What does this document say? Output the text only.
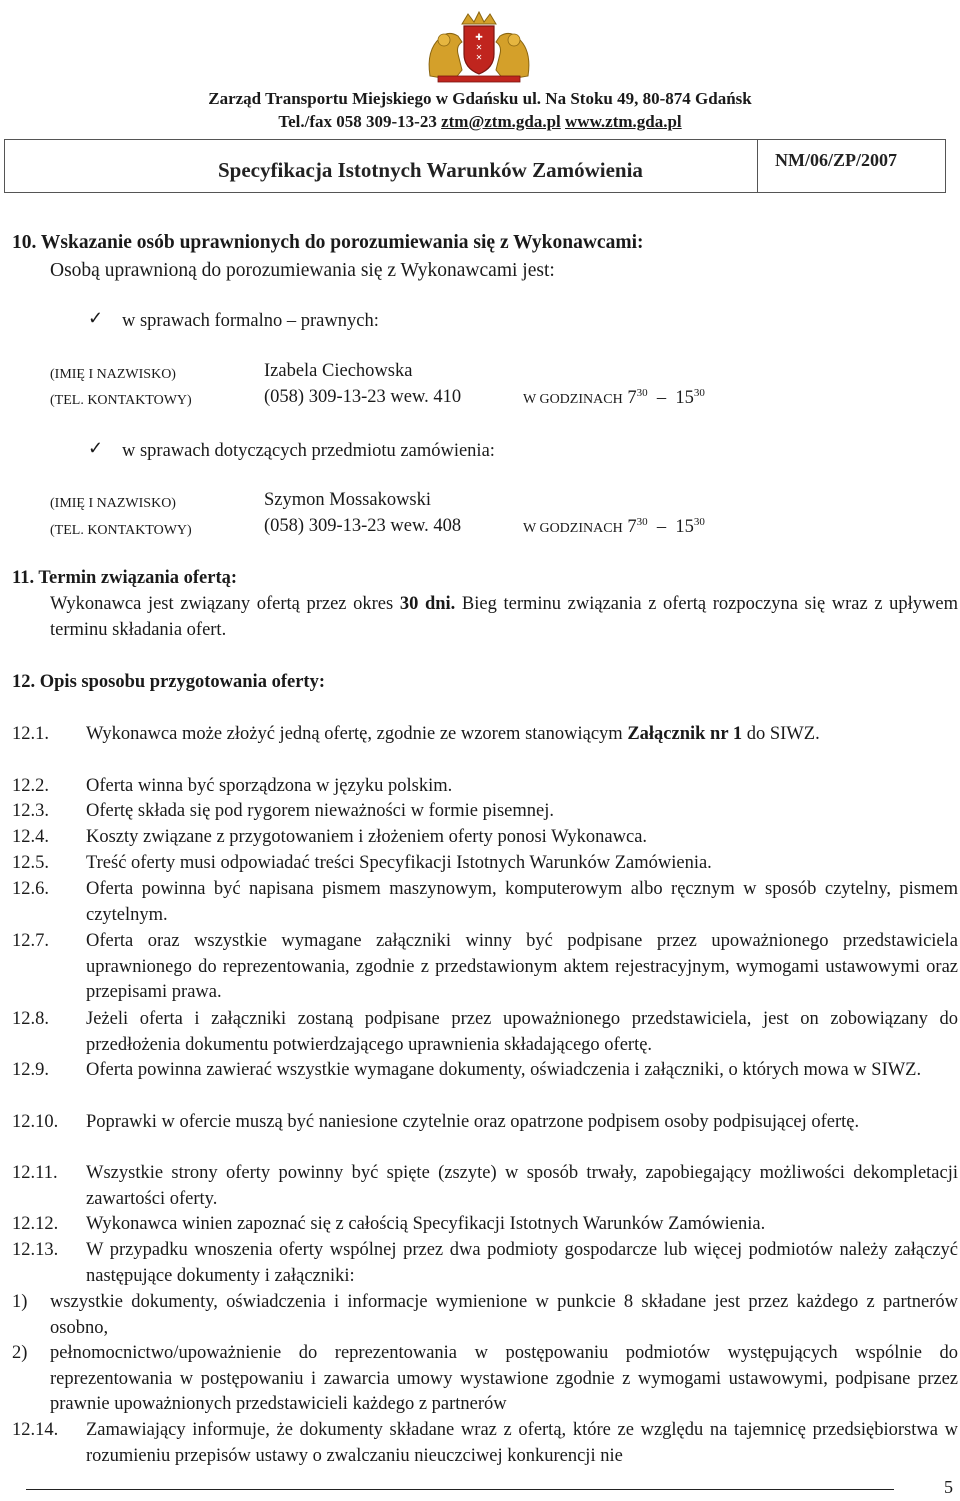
✚
✕
✕
Zarząd Transportu Miejskiego w Gdańsku ul. Na Stoku 49, 80-874 Gdańsk
Tel./fax 058 309-13-23 ztm@ztm.gda.pl www.ztm.gda.pl
Specyfikacja Istotnych Warunków Zamówienia	NM/06/ZP/2007
10. Wskazanie osób uprawnionych do porozumiewania się z Wykonawcami:
Osobą uprawnioną do porozumiewania się z Wykonawcami jest:
✓ w sprawach formalno – prawnych:
(IMIĘ I NAZWISKO)	Izabela Ciechowska
(TEL. KONTAKTOWY)	(058) 309-13-23 wew. 410	W GODZINACH $7^{30} - 15^{30}$
✓ w sprawach dotyczących przedmiotu zamówienia:
(IMIĘ I NAZWISKO)	Szymon Mossakowski
(TEL. KONTAKTOWY)	(058) 309-13-23 wew. 408	W GODZINACH $7^{30} - 15^{30}$
11. Termin związania ofertą:
Wykonawca jest związany ofertą przez okres 30 dni. Bieg terminu związania z ofertą rozpoczyna się wraz z upływem terminu składania ofert.
12. Opis sposobu przygotowania oferty:
12.1.	Wykonawca może złożyć jedną ofertę, zgodnie ze wzorem stanowiącym Załącznik nr 1 do SIWZ.
12.2.	Oferta winna być sporządzona w języku polskim.
12.3.	Ofertę składa się pod rygorem nieważności w formie pisemnej.
12.4.	Koszty związane z przygotowaniem i złożeniem oferty ponosi Wykonawca.
12.5.	Treść oferty musi odpowiadać treści Specyfikacji Istotnych Warunków Zamówienia.
12.6.	Oferta powinna być napisana pismem maszynowym, komputerowym albo ręcznym w sposób czytelny, pismem czytelnym.
12.7.	Oferta oraz wszystkie wymagane załączniki winny być podpisane przez upoważnionego przedstawiciela uprawnionego do reprezentowania, zgodnie z przedstawionym aktem rejestracyjnym, wymogami ustawowymi oraz przepisami prawa.
12.8.	Jeżeli oferta i załączniki zostaną podpisane przez upoważnionego przedstawiciela, jest on zobowiązany do przedłożenia dokumentu potwierdzającego uprawnienia składającego ofertę.
12.9.	Oferta powinna zawierać wszystkie wymagane dokumenty, oświadczenia i załączniki, o których mowa w SIWZ.
12.10.	Poprawki w ofercie muszą być naniesione czytelnie oraz opatrzone podpisem osoby podpisującej ofertę.
12.11.	Wszystkie strony oferty powinny być spięte (zszyte) w sposób trwały, zapobiegający możliwości dekompletacji zawartości oferty.
12.12.	Wykonawca winien zapoznać się z całością Specyfikacji Istotnych Warunków Zamówienia.
12.13.	W przypadku wnoszenia oferty wspólnej przez dwa podmioty gospodarcze lub więcej podmiotów należy załączyć następujące dokumenty i załączniki:
1) wszystkie dokumenty, oświadczenia i informacje wymienione w punkcie 8 składane jest przez każdego z partnerów osobno,
2) pełnomocnictwo/upoważnienie do reprezentowania w postępowaniu podmiotów występujących wspólnie do reprezentowania w postępowaniu i zawarcia umowy wystawione zgodnie z wymogami ustawowymi, podpisane przez prawnie upoważnionych przedstawicieli każdego z partnerów
12.14.	Zamawiający informuje, że dokumenty składane wraz z ofertą, które ze względu na tajemnicę przedsiębiorstwa w rozumieniu przepisów ustawy o zwalczaniu nieuczciwej konkurencji nie
5
